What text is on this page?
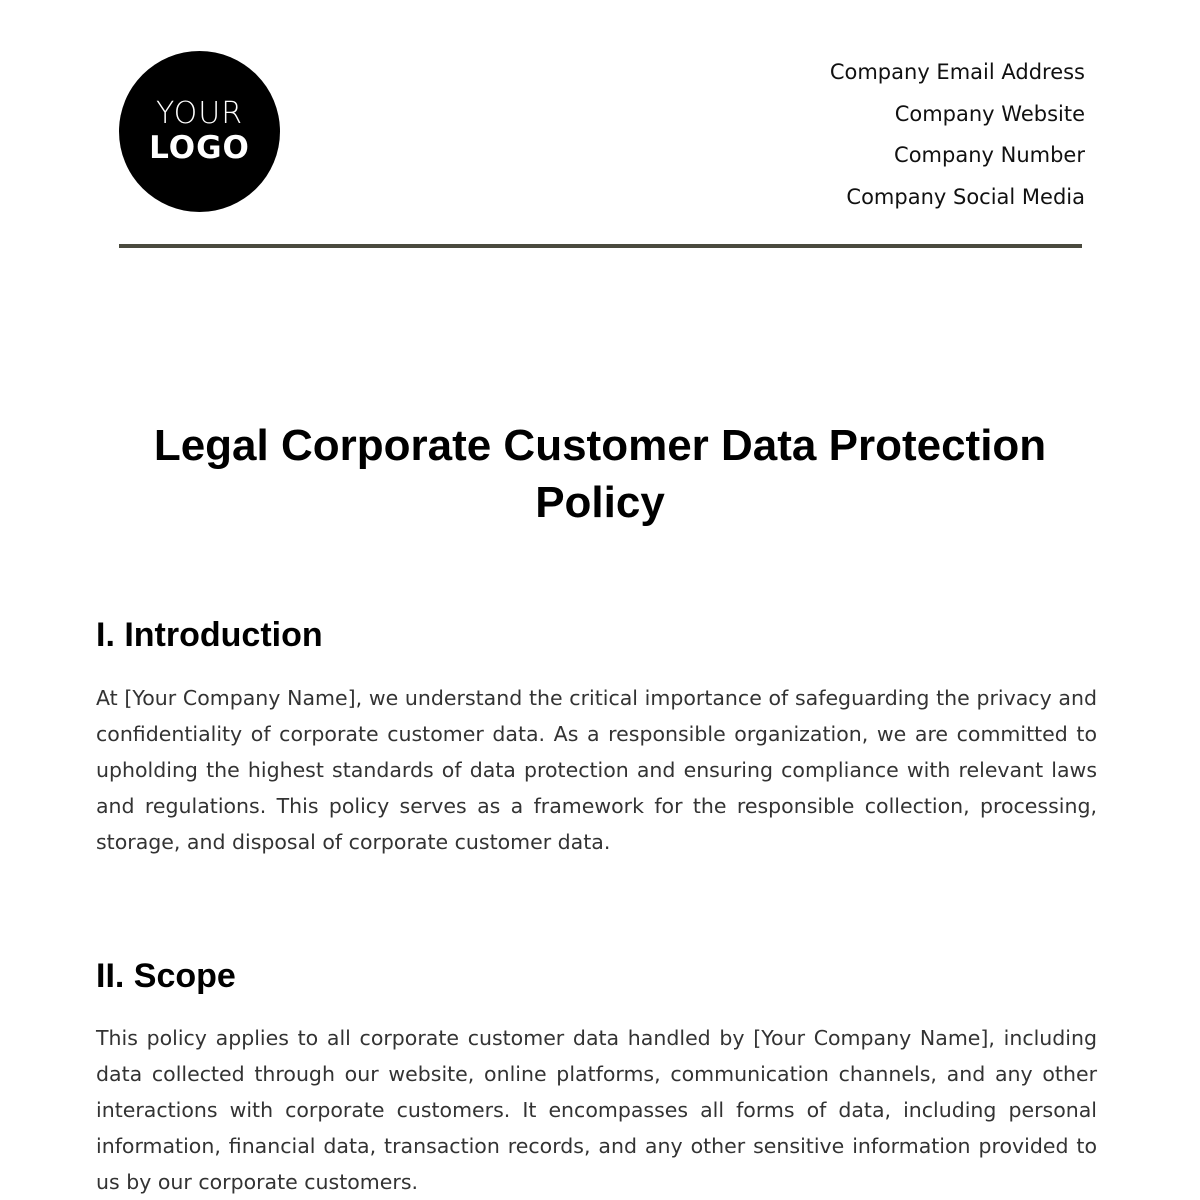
YOUR
LOGO
Company Email Address
Company Website
Company Number
Company Social Media
Legal Corporate Customer Data Protection Policy
I. Introduction

At [Your Company Name], we understand the critical importance of safeguarding the privacy and confidentiality of corporate customer data. As a responsible organization, we are committed to upholding the highest standards of data protection and ensuring compliance with relevant laws and regulations. This policy serves as a framework for the responsible collection, processing, storage, and disposal of corporate customer data.

II. Scope

This policy applies to all corporate customer data handled by [Your Company Name], including data collected through our website, online platforms, communication channels, and any other interactions with corporate customers. It encompasses all forms of data, including personal information, financial data, transaction records, and any other sensitive information provided to us by our corporate customers.
